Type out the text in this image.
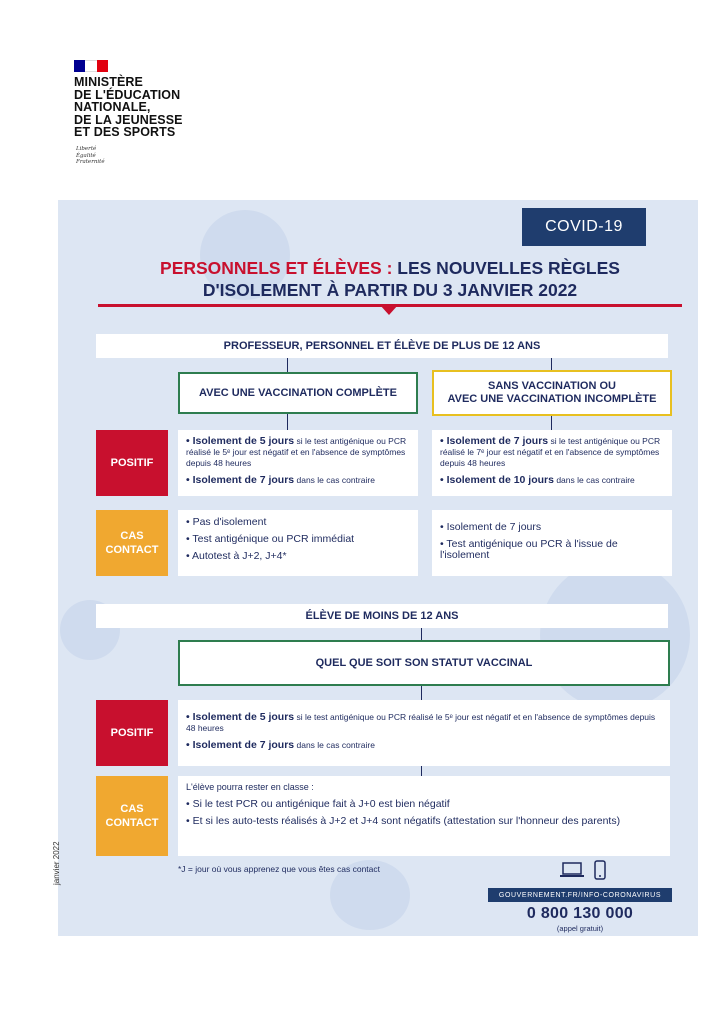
MINISTÈRE
DE L'ÉDUCATION
NATIONALE,
DE LA JEUNESSE
ET DES SPORTS
Liberté
Égalité
Fraternité
COVID-19
PERSONNELS ET ÉLÈVES : LES NOUVELLES RÈGLES
D'ISOLEMENT À PARTIR DU 3 JANVIER 2022
PROFESSEUR, PERSONNEL ET ÉLÈVE DE PLUS DE 12 ANS
AVEC UNE VACCINATION COMPLÈTE
SANS VACCINATION OU
AVEC UNE VACCINATION INCOMPLÈTE
POSITIF
• Isolement de 5 jours si le test antigénique ou PCR réalisé le 5ᵉ jour est négatif et en l'absence de symptômes depuis 48 heures
• Isolement de 7 jours dans le cas contraire
• Isolement de 7 jours si le test antigénique ou PCR réalisé le 7ᵉ jour est négatif et en l'absence de symptômes depuis 48 heures
• Isolement de 10 jours dans le cas contraire
CAS
CONTACT
• Pas d'isolement
• Test antigénique ou PCR immédiat
• Autotest à J+2, J+4*
• Isolement de 7 jours
• Test antigénique ou PCR à l'issue de l'isolement
ÉLÈVE DE MOINS DE 12 ANS
QUEL QUE SOIT SON STATUT VACCINAL
POSITIF
• Isolement de 5 jours si le test antigénique ou PCR réalisé le 5ᵉ jour est négatif et en l'absence de symptômes depuis 48 heures
• Isolement de 7 jours dans le cas contraire
CAS
CONTACT
L'élève pourra rester en classe :
• Si le test PCR ou antigénique fait à J+0 est bien négatif
• Et si les auto-tests réalisés à J+2 et J+4 sont négatifs (attestation sur l'honneur des parents)
*J = jour où vous apprenez que vous êtes cas contact
GOUVERNEMENT.FR/INFO-CORONAVIRUS
0 800 130 000
(appel gratuit)
janvier 2022
